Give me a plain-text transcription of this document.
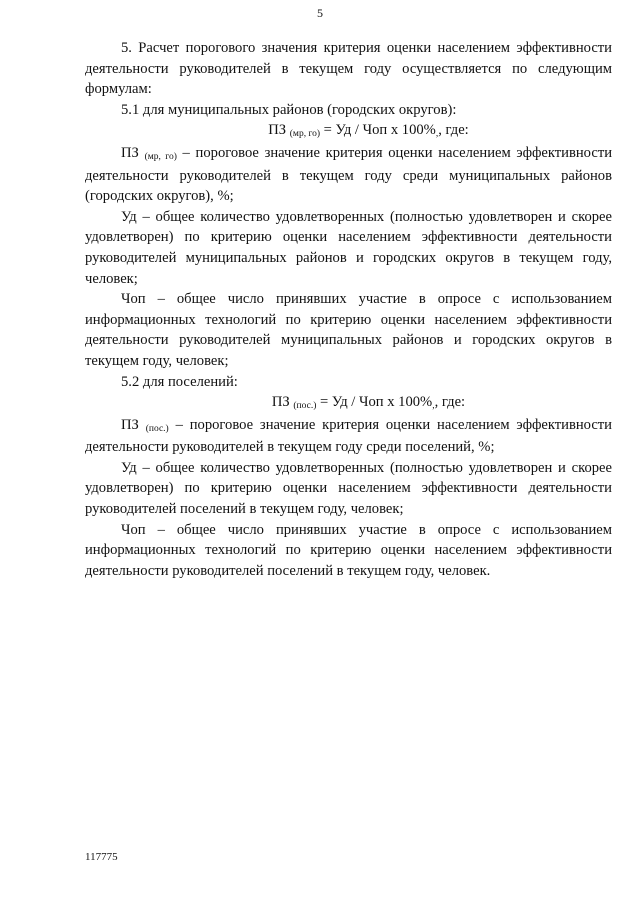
5

5. Расчет порогового значения критерия оценки населением эффективности деятельности руководителей в текущем году осуществляется по следующим формулам:

5.1 для муниципальных районов (городских округов):

ПЗ (мр, го) = Уд / Чоп х 100%,, где:

ПЗ (мр, го) – пороговое значение критерия оценки населением эффективности деятельности руководителей в текущем году среди муниципальных районов (городских округов), %;

Уд – общее количество удовлетворенных (полностью удовлетворен и скорее удовлетворен) по критерию оценки населением эффективности деятельности руководителей муниципальных районов и городских округов в текущем году, человек;

Чоп – общее число принявших участие в опросе с использованием информационных технологий по критерию оценки населением эффективности деятельности руководителей муниципальных районов и городских округов в текущем году, человек;

5.2 для поселений:

ПЗ (пос.) = Уд / Чоп х 100%,, где:

ПЗ (пос.) – пороговое значение критерия оценки населением эффективности деятельности руководителей в текущем году среди поселений, %;

Уд – общее количество удовлетворенных (полностью удовлетворен и скорее удовлетворен) по критерию оценки населением эффективности деятельности руководителей поселений в текущем году, человек;

Чоп – общее число принявших участие в опросе с использованием информационных технологий по критерию оценки населением эффективности деятельности руководителей поселений в текущем году, человек.

117775
